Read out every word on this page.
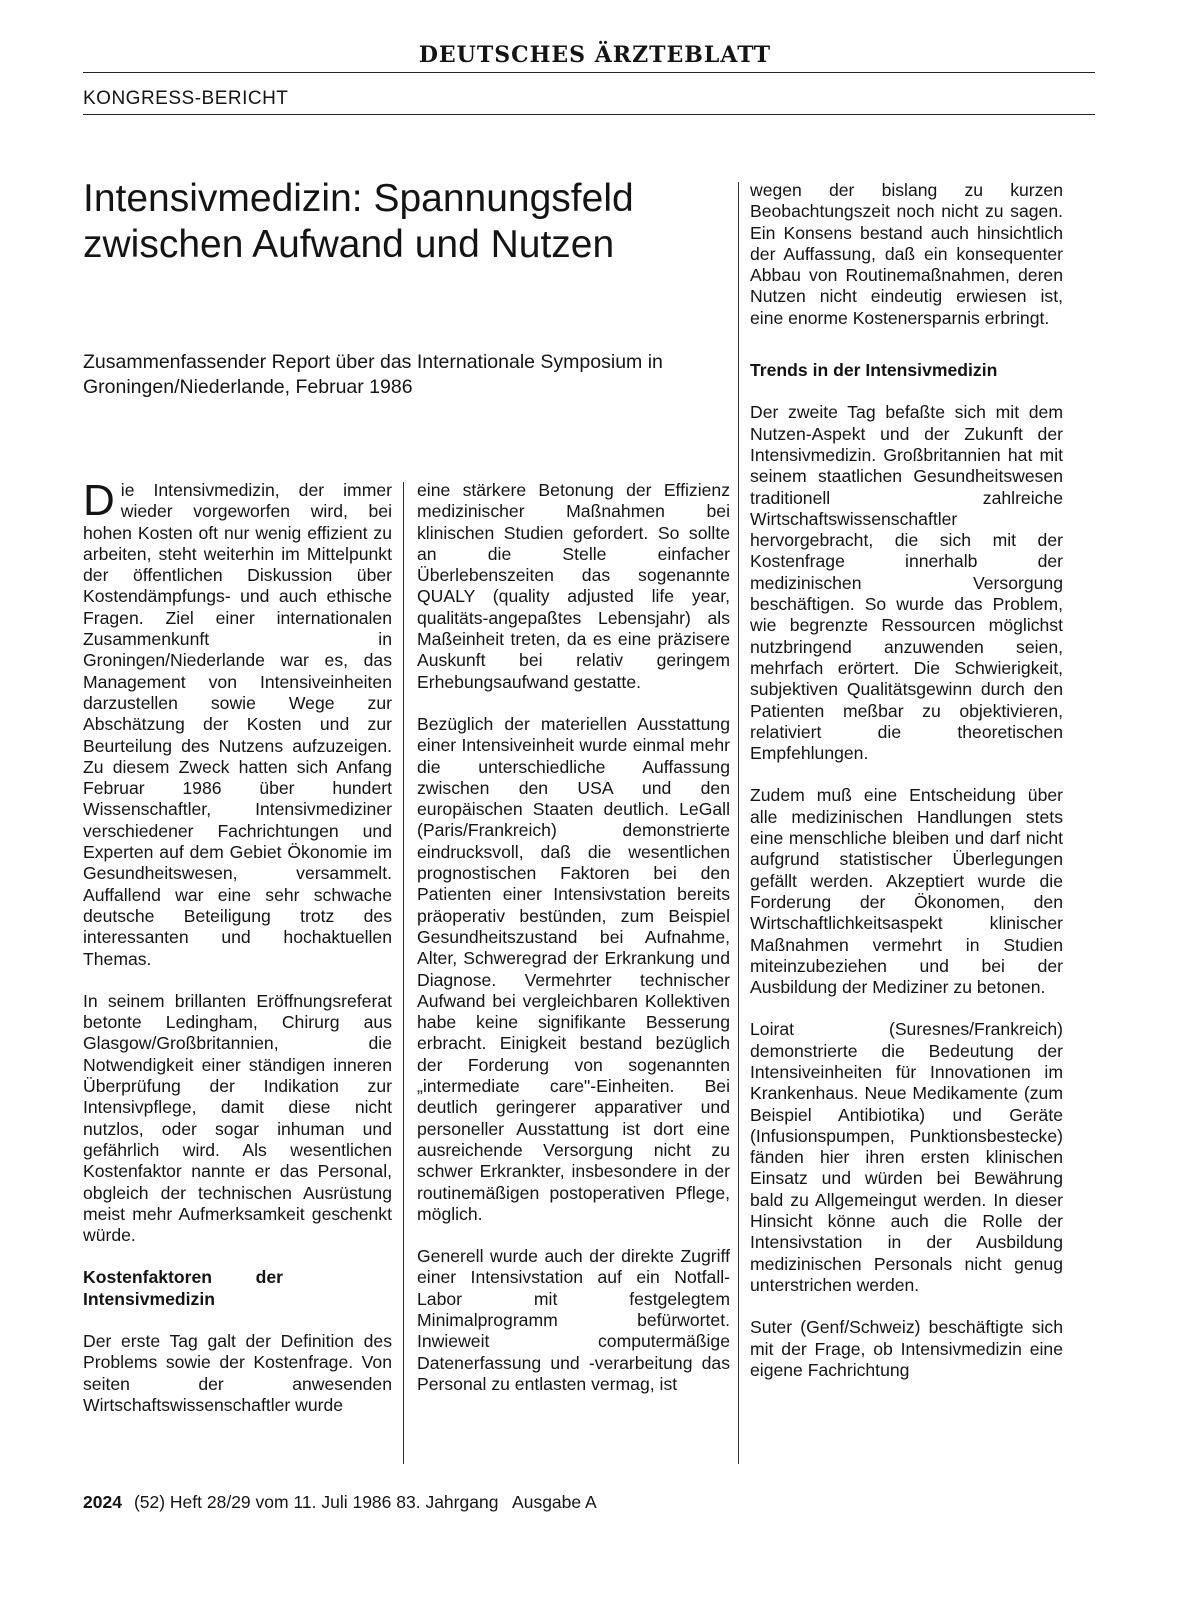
DEUTSCHES ÄRZTEBLATT
KONGRESS-BERICHT
Intensivmedizin: Spannungsfeld zwischen Aufwand und Nutzen

Zusammenfassender Report über das Internationale Symposium in Groningen/Niederlande, Februar 1986

Die Intensivmedizin, der immer wieder vorgeworfen wird, bei hohen Kosten oft nur wenig effizient zu arbeiten, steht weiterhin im Mittelpunkt der öffentlichen Diskussion über Kostendämpfungs- und auch ethische Fragen. Ziel einer internationalen Zusammenkunft in Groningen/Niederlande war es, das Management von Intensiveinheiten darzustellen sowie Wege zur Abschätzung der Kosten und zur Beurteilung des Nutzens aufzuzeigen. Zu diesem Zweck hatten sich Anfang Februar 1986 über hundert Wissenschaftler, Intensivmediziner verschiedener Fachrichtungen und Experten auf dem Gebiet Ökonomie im Gesundheitswesen, versammelt. Auffallend war eine sehr schwache deutsche Beteiligung trotz des interessanten und hochaktuellen Themas.

In seinem brillanten Eröffnungsreferat betonte Ledingham, Chirurg aus Glasgow/Großbritannien, die Notwendigkeit einer ständigen inneren Überprüfung der Indikation zur Intensivpflege, damit diese nicht nutzlos, oder sogar inhuman und gefährlich wird. Als wesentlichen Kostenfaktor nannte er das Personal, obgleich der technischen Ausrüstung meist mehr Aufmerksamkeit geschenkt würde.

Kostenfaktoren der Intensivmedizin

Der erste Tag galt der Definition des Problems sowie der Kostenfrage. Von seiten der anwesenden Wirtschaftswissenschaftler wurde

eine stärkere Betonung der Effizienz medizinischer Maßnahmen bei klinischen Studien gefordert. So sollte an die Stelle einfacher Überlebenszeiten das sogenannte QUALY (quality adjusted life year, qualitäts-angepaßtes Lebensjahr) als Maßeinheit treten, da es eine präzisere Auskunft bei relativ geringem Erhebungsaufwand gestatte.

Bezüglich der materiellen Ausstattung einer Intensiveinheit wurde einmal mehr die unterschiedliche Auffassung zwischen den USA und den europäischen Staaten deutlich. LeGall (Paris/Frankreich) demonstrierte eindrucksvoll, daß die wesentlichen prognostischen Faktoren bei den Patienten einer Intensivstation bereits präoperativ bestünden, zum Beispiel Gesundheitszustand bei Aufnahme, Alter, Schweregrad der Erkrankung und Diagnose. Vermehrter technischer Aufwand bei vergleichbaren Kollektiven habe keine signifikante Besserung erbracht. Einigkeit bestand bezüglich der Forderung von sogenannten „intermediate care"-Einheiten. Bei deutlich geringerer apparativer und personeller Ausstattung ist dort eine ausreichende Versorgung nicht zu schwer Erkrankter, insbesondere in der routinemäßigen postoperativen Pflege, möglich.

Generell wurde auch der direkte Zugriff einer Intensivstation auf ein Notfall-Labor mit festgelegtem Minimalprogramm befürwortet. Inwieweit computermäßige Datenerfassung und -verarbeitung das Personal zu entlasten vermag, ist

wegen der bislang zu kurzen Beobachtungszeit noch nicht zu sagen. Ein Konsens bestand auch hinsichtlich der Auffassung, daß ein konsequenter Abbau von Routinemaßnahmen, deren Nutzen nicht eindeutig erwiesen ist, eine enorme Kostenersparnis erbringt.

Trends in der Intensivmedizin

Der zweite Tag befaßte sich mit dem Nutzen-Aspekt und der Zukunft der Intensivmedizin. Großbritannien hat mit seinem staatlichen Gesundheitswesen traditionell zahlreiche Wirtschaftswissenschaftler hervorgebracht, die sich mit der Kostenfrage innerhalb der medizinischen Versorgung beschäftigen. So wurde das Problem, wie begrenzte Ressourcen möglichst nutzbringend anzuwenden seien, mehrfach erörtert. Die Schwierigkeit, subjektiven Qualitätsgewinn durch den Patienten meßbar zu objektivieren, relativiert die theoretischen Empfehlungen.

Zudem muß eine Entscheidung über alle medizinischen Handlungen stets eine menschliche bleiben und darf nicht aufgrund statistischer Überlegungen gefällt werden. Akzeptiert wurde die Forderung der Ökonomen, den Wirtschaftlichkeitsaspekt klinischer Maßnahmen vermehrt in Studien miteinzubeziehen und bei der Ausbildung der Mediziner zu betonen.

Loirat (Suresnes/Frankreich) demonstrierte die Bedeutung der Intensiveinheiten für Innovationen im Krankenhaus. Neue Medikamente (zum Beispiel Antibiotika) und Geräte (Infusionspumpen, Punktionsbestecke) fänden hier ihren ersten klinischen Einsatz und würden bei Bewährung bald zu Allgemeingut werden. In dieser Hinsicht könne auch die Rolle der Intensivstation in der Ausbildung medizinischen Personals nicht genug unterstrichen werden.

Suter (Genf/Schweiz) beschäftigte sich mit der Frage, ob Intensivmedizin eine eigene Fachrichtung

2024 (52) Heft 28/29 vom 11. Juli 1986 83. Jahrgang   Ausgabe A
